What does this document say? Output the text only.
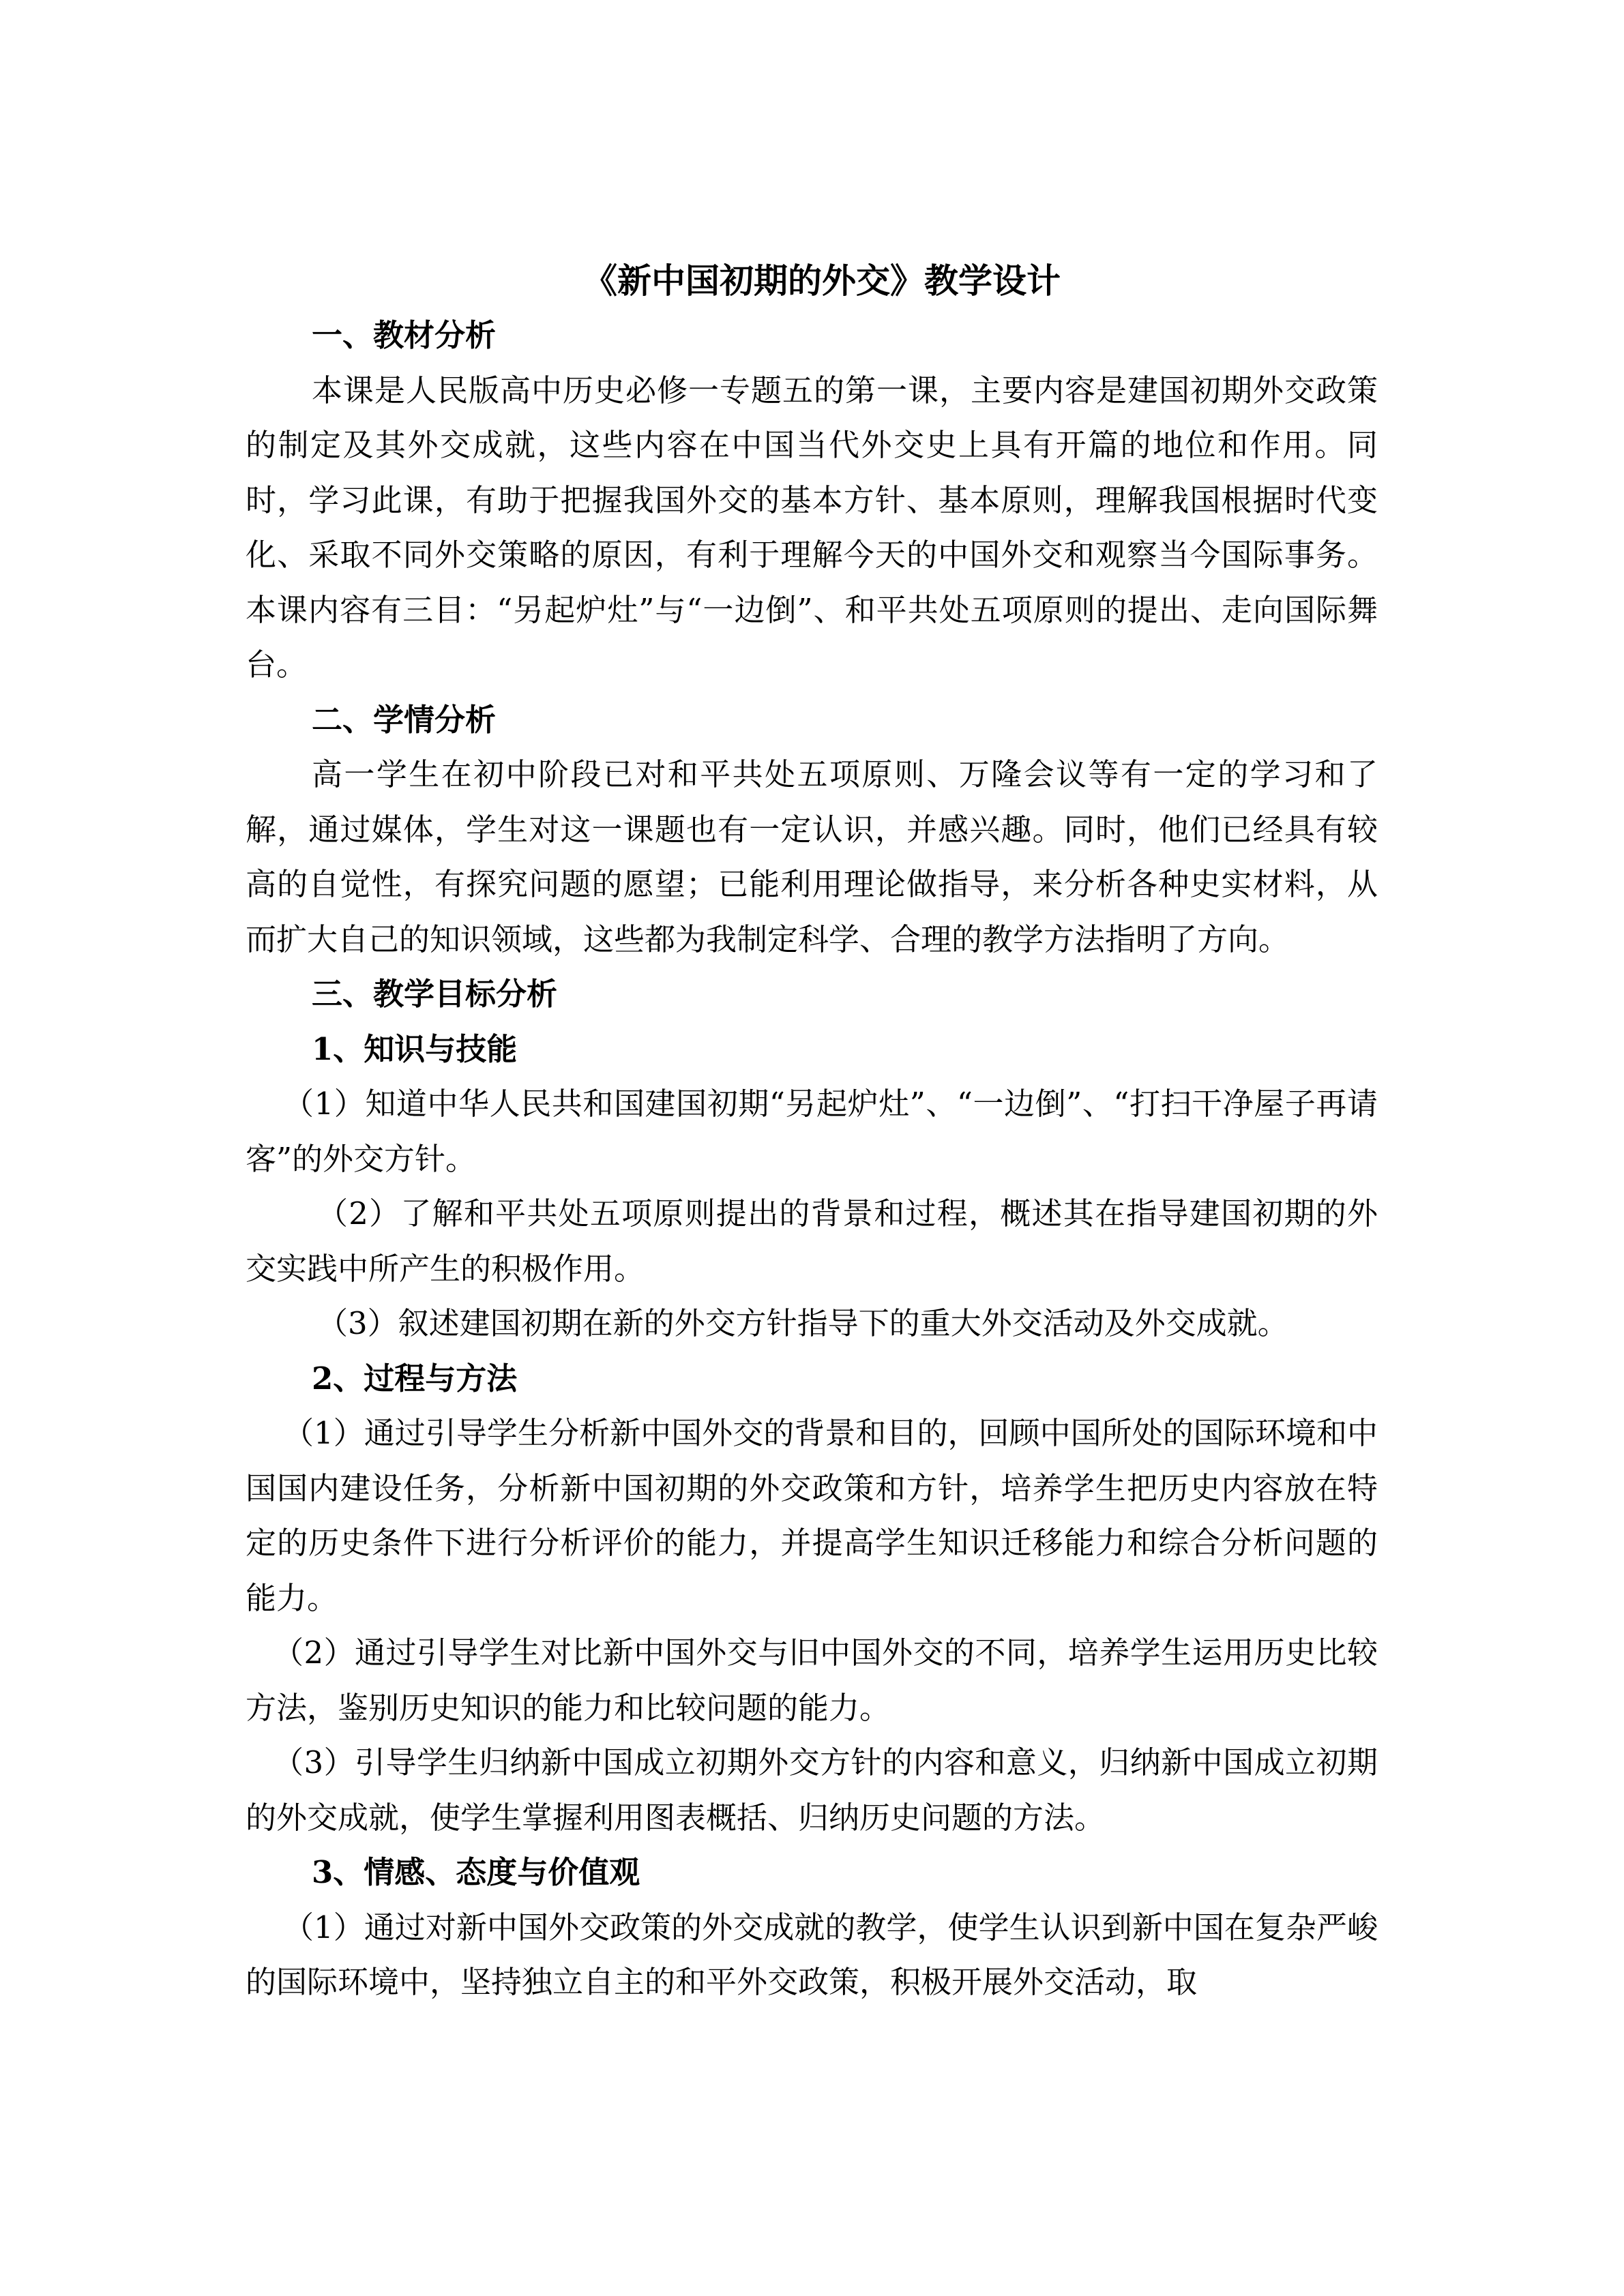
《新中国初期的外交》教学设计
一、教材分析

本课是人民版高中历史必修一专题五的第一课，主要内容是建国初期外交政策的制定及其外交成就，这些内容在中国当代外交史上具有开篇的地位和作用。同时，学习此课，有助于把握我国外交的基本方针、基本原则，理解我国根据时代变化、采取不同外交策略的原因，有利于理解今天的中国外交和观察当今国际事务。本课内容有三目：“另起炉灶”与“一边倒”、和平共处五项原则的提出、走向国际舞台。

二、学情分析

高一学生在初中阶段已对和平共处五项原则、万隆会议等有一定的学习和了解，通过媒体，学生对这一课题也有一定认识，并感兴趣。同时，他们已经具有较高的自觉性，有探究问题的愿望；已能利用理论做指导，来分析各种史实材料，从而扩大自己的知识领域，这些都为我制定科学、合理的教学方法指明了方向。

三、教学目标分析
1、知识与技能

（1）知道中华人民共和国建国初期“另起炉灶”、“一边倒”、“打扫干净屋子再请客”的外交方针。

（2）了解和平共处五项原则提出的背景和过程，概述其在指导建国初期的外交实践中所产生的积极作用。

（3）叙述建国初期在新的外交方针指导下的重大外交活动及外交成就。

2、过程与方法

（1）通过引导学生分析新中国外交的背景和目的，回顾中国所处的国际环境和中国国内建设任务，分析新中国初期的外交政策和方针，培养学生把历史内容放在特定的历史条件下进行分析评价的能力，并提高学生知识迁移能力和综合分析问题的能力。

（2）通过引导学生对比新中国外交与旧中国外交的不同，培养学生运用历史比较方法，鉴别历史知识的能力和比较问题的能力。

（3）引导学生归纳新中国成立初期外交方针的内容和意义，归纳新中国成立初期的外交成就，使学生掌握利用图表概括、归纳历史问题的方法。

3、情感、态度与价值观

（1）通过对新中国外交政策的外交成就的教学，使学生认识到新中国在复杂严峻的国际环境中，坚持独立自主的和平外交政策，积极开展外交活动，取
